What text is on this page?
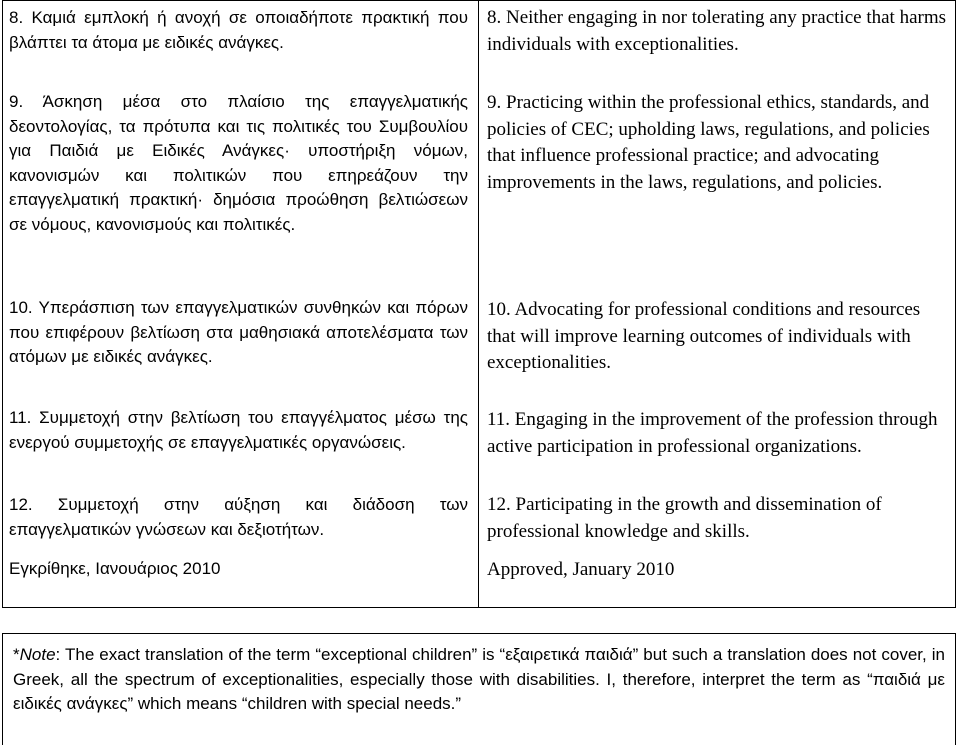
8. Καμιά εμπλοκή ή ανοχή σε οποιαδήποτε πρακτική που βλάπτει τα άτομα με ειδικές ανάγκες.
9. Άσκηση μέσα στο πλαίσιο της επαγγελματικής δεοντολογίας, τα πρότυπα και τις πολιτικές του Συμβουλίου για Παιδιά με Ειδικές Ανάγκες· υποστήριξη νόμων, κανονισμών και πολιτικών που επηρεάζουν την επαγγελματική πρακτική· δημόσια προώθηση βελτιώσεων σε νόμους, κανονισμούς και πολιτικές.
10. Υπεράσπιση των επαγγελματικών συνθηκών και πόρων που επιφέρουν βελτίωση στα μαθησιακά αποτελέσματα των ατόμων με ειδικές ανάγκες.
11. Συμμετοχή στην βελτίωση του επαγγέλματος μέσω της ενεργού συμμετοχής σε επαγγελματικές οργανώσεις.
12. Συμμετοχή στην αύξηση και διάδοση των επαγγελματικών γνώσεων και δεξιοτήτων.
Εγκρίθηκε, Ιανουάριος 2010
8. Neither engaging in nor tolerating any practice that harms individuals with exceptionalities.
9. Practicing within the professional ethics, standards, and policies of CEC; upholding laws, regulations, and policies that influence professional practice; and advocating improvements in the laws, regulations, and policies.
10. Advocating for professional conditions and resources that will improve learning outcomes of individuals with exceptionalities.
11. Engaging in the improvement of the profession through active participation in professional organizations.
12. Participating in the growth and dissemination of professional knowledge and skills.
Approved, January 2010
*Note: The exact translation of the term “exceptional children” is “εξαιρετικά παιδιά” but such a translation does not cover, in Greek, all the spectrum of exceptionalities, especially those with disabilities. I, therefore, interpret the term as “παιδιά με ειδικές ανάγκες” which means “children with special needs.”
